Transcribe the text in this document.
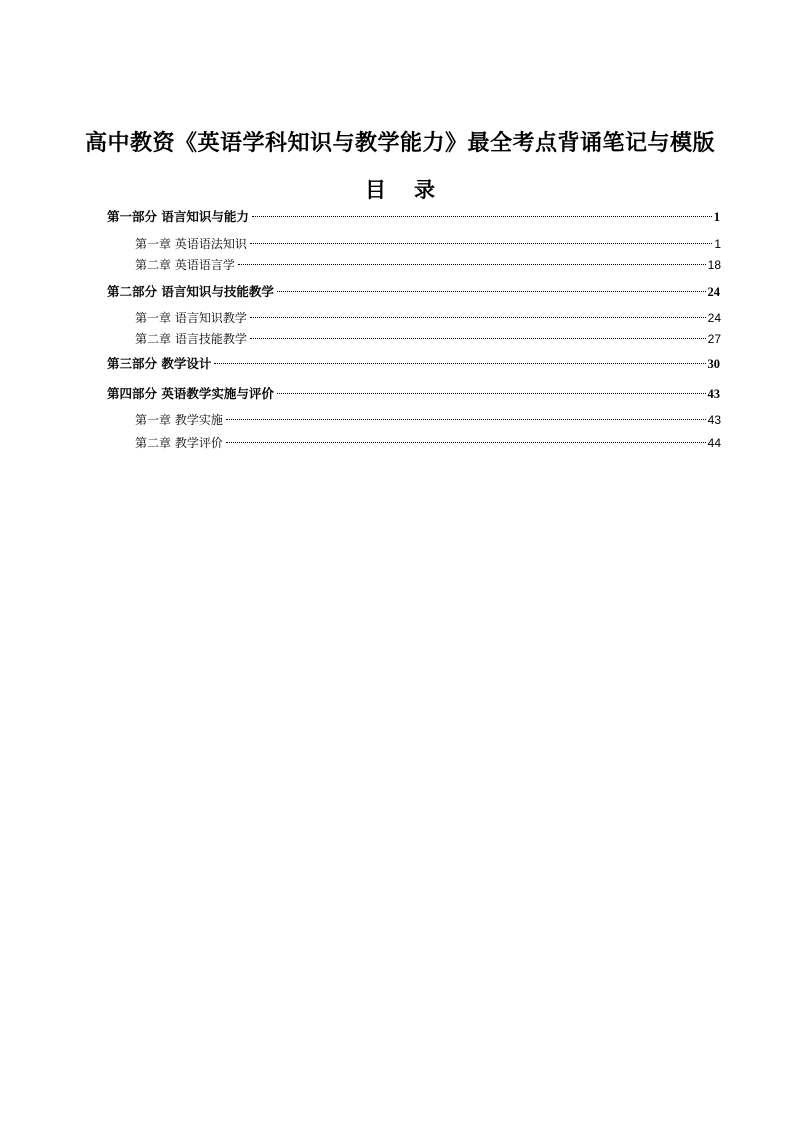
高中教资《英语学科知识与教学能力》最全考点背诵笔记与模版
目录
第一部分 语言知识与能力	1
第一章 英语语法知识	1
第二章 英语语言学	18
第二部分 语言知识与技能教学	24
第一章 语言知识教学	24
第二章 语言技能教学	27
第三部分 教学设计	30
第四部分 英语教学实施与评价	43
第一章 教学实施	43
第二章 教学评价	44
